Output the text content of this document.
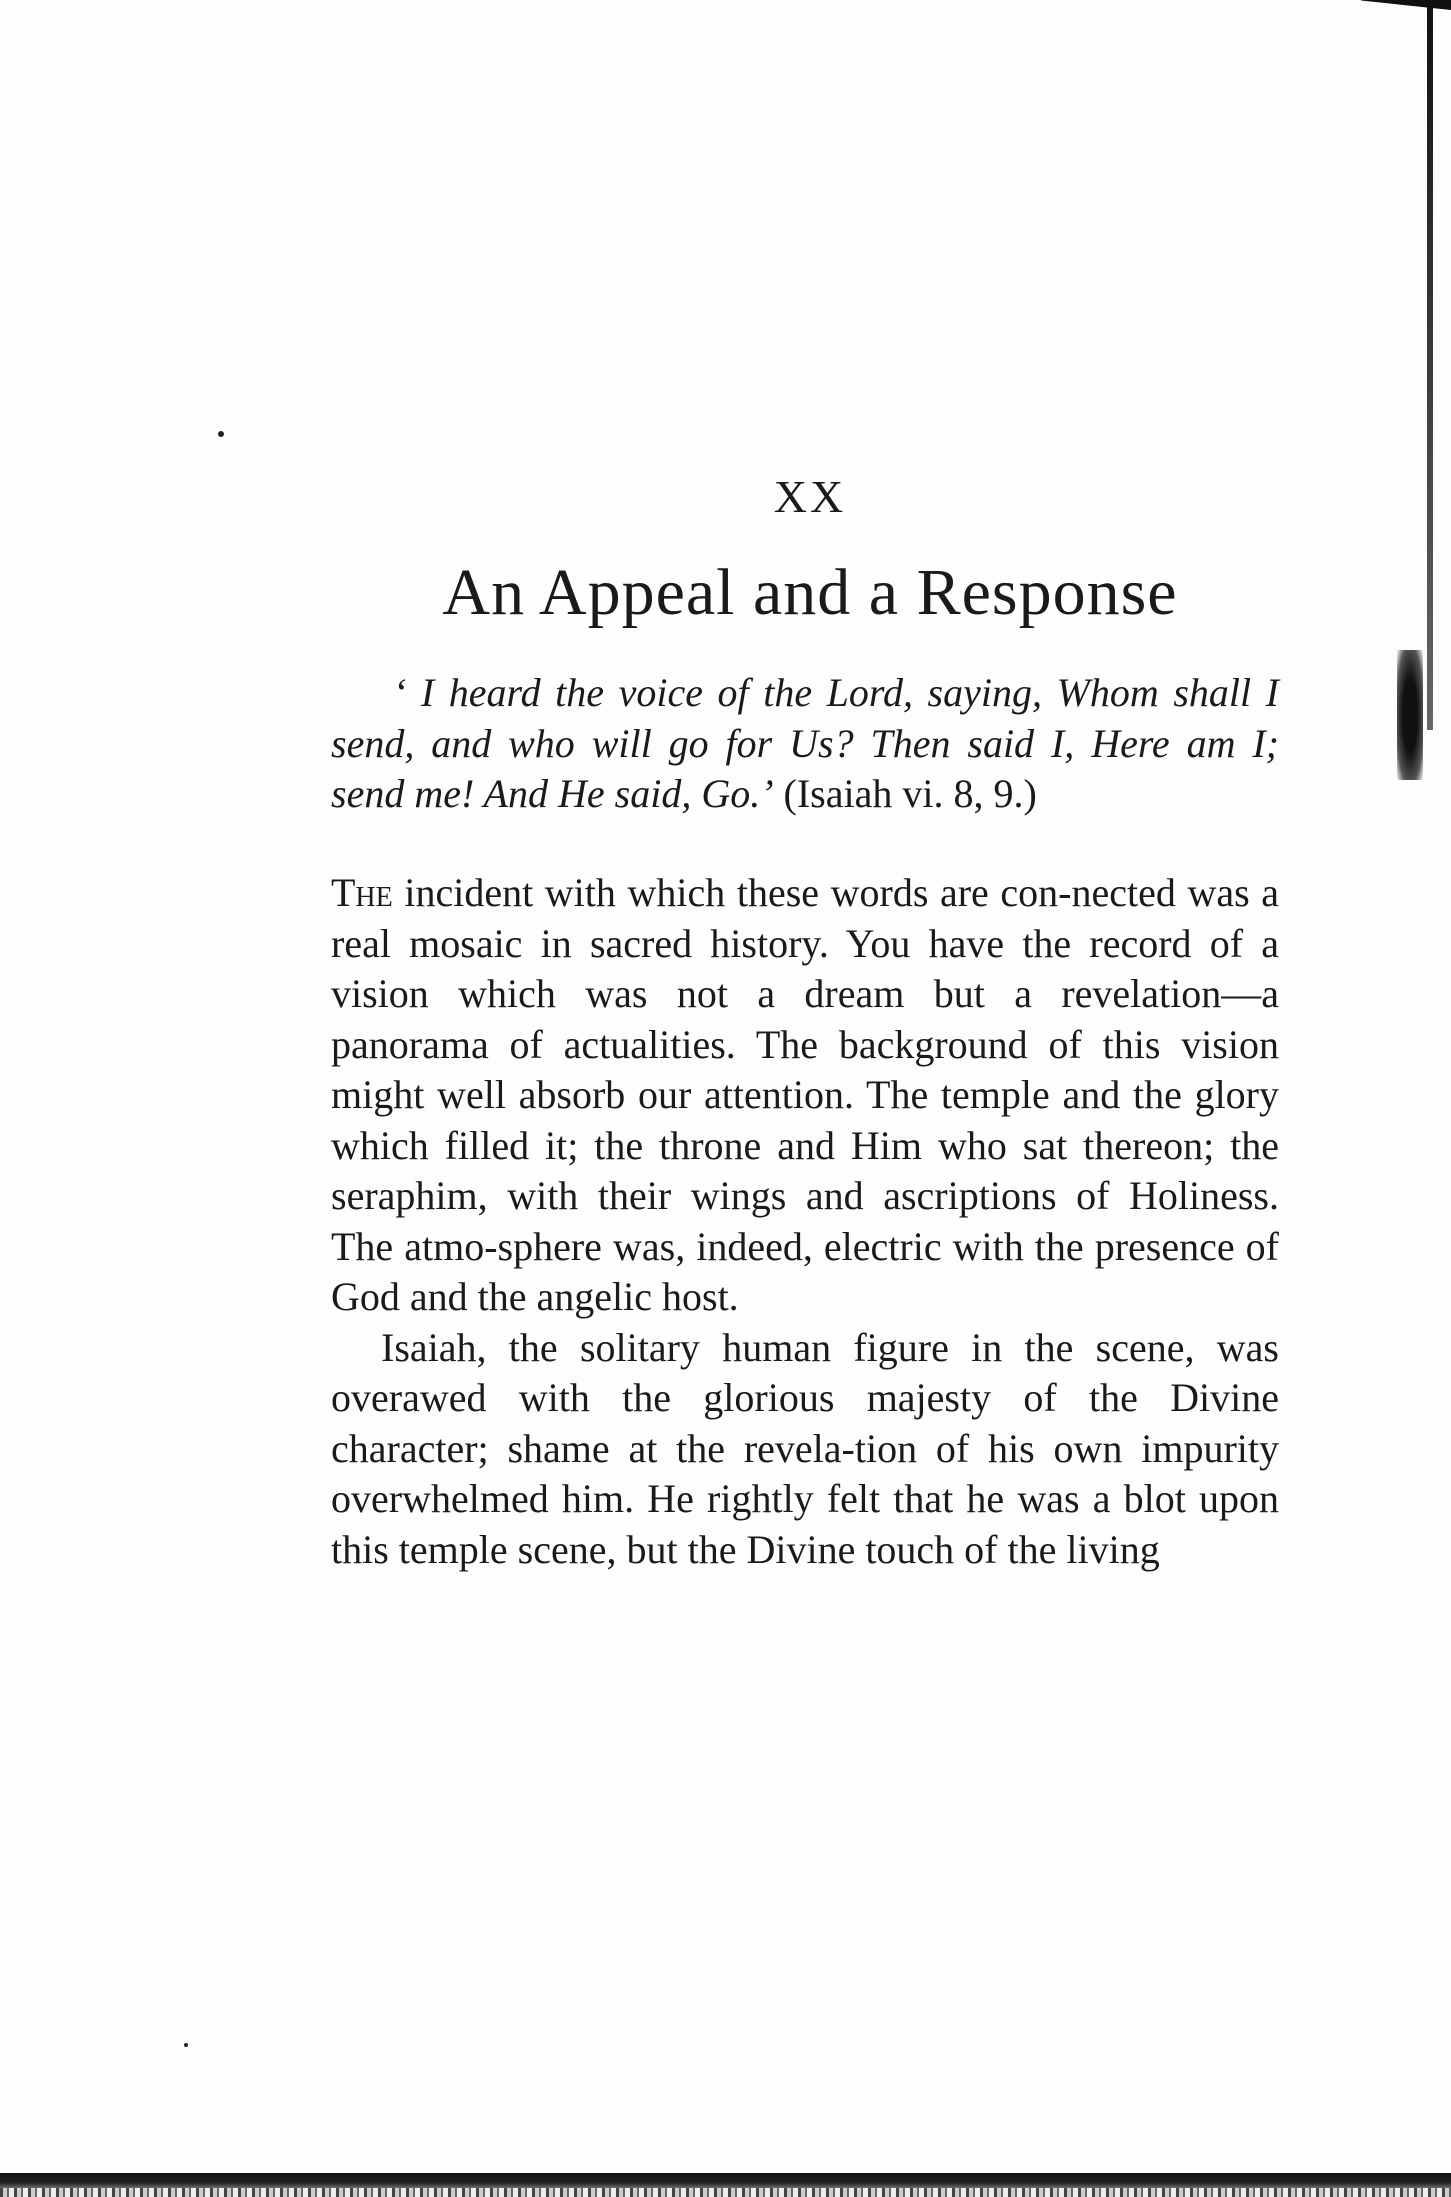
XX
An Appeal and a Response
‘ I heard the voice of the Lord, saying, Whom shall I send, and who will go for Us? Then said I, Here am I; send me! And He said, Go.’ (Isaiah vi. 8, 9.)

The incident with which these words are con-nected was a real mosaic in sacred history. You have the record of a vision which was not a dream but a revelation—a panorama of actualities. The background of this vision might well absorb our attention. The temple and the glory which filled it; the throne and Him who sat thereon; the seraphim, with their wings and ascriptions of Holiness. The atmo-sphere was, indeed, electric with the presence of God and the angelic host.

Isaiah, the solitary human figure in the scene, was overawed with the glorious majesty of the Divine character; shame at the revela-tion of his own impurity overwhelmed him. He rightly felt that he was a blot upon this temple scene, but the Divine touch of the living
